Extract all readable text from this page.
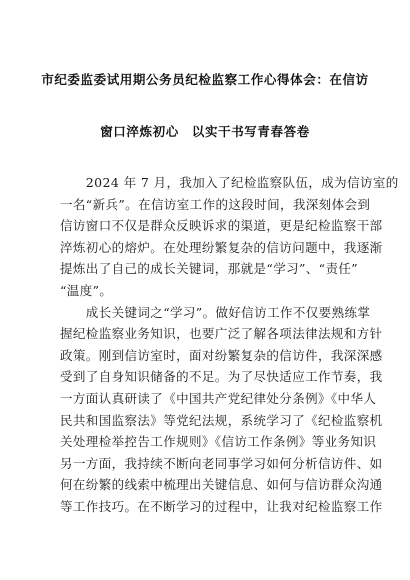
市纪委监委试用期公务员纪检监察工作心得体会：在信访
窗口淬炼初心　以实干书写青春答卷
　　2024 年 7 月，我加入了纪检监察队伍，成为信访室的
一名“新兵”。在信访室工作的这段时间，我深刻体会到
信访窗口不仅是群众反映诉求的渠道，更是纪检监察干部
淬炼初心的熔炉。在处理纷繁复杂的信访问题中，我逐渐
提炼出了自己的成长关键词，那就是“学习”、“责任”
“温度”。
　　成长关键词之“学习”。做好信访工作不仅要熟练掌
握纪检监察业务知识，也要广泛了解各项法律法规和方针
政策。刚到信访室时，面对纷繁复杂的信访件，我深深感
受到了自身知识储备的不足。为了尽快适应工作节奏，我
一方面认真研读了《中国共产党纪律处分条例》《中华人
民共和国监察法》等党纪法规，系统学习了《纪检监察机
关处理检举控告工作规则》《信访工作条例》等业务知识
另一方面，我持续不断向老同事学习如何分析信访件、如
何在纷繁的线索中梳理出关键信息、如何与信访群众沟通
等工作技巧。在不断学习的过程中，让我对纪检监察工作
